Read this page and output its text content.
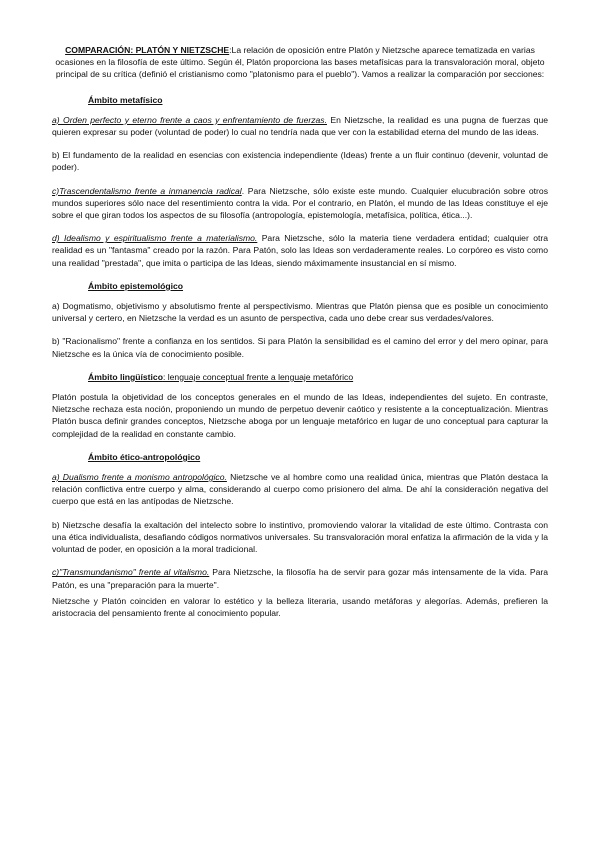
COMPARACIÓN: PLATÓN Y NIETZSCHE:La relación de oposición entre Platón y Nietzsche aparece tematizada en varias ocasiones en la filosofía de este último. Según él, Platón proporciona las bases metafísicas para la transvaloración moral, objeto principal de su crítica (definió el cristianismo como "platonismo para el pueblo"). Vamos a realizar la comparación por secciones:

Ámbito metafísico

a) Orden perfecto y eterno frente a caos y enfrentamiento de fuerzas. En Nietzsche, la realidad es una pugna de fuerzas que quieren expresar su poder (voluntad de poder) lo cual no tendría nada que ver con la estabilidad eterna del mundo de las ideas.

b) El fundamento de la realidad en esencias con existencia independiente (Ideas) frente a un fluir continuo (devenir, voluntad de poder).

c)Trascendentalismo frente a inmanencia radical. Para Nietzsche, sólo existe este mundo. Cualquier elucubración sobre otros mundos superiores sólo nace del resentimiento contra la vida. Por el contrario, en Platón, el mundo de las Ideas constituye el eje sobre el que giran todos los aspectos de su filosofía (antropología, epistemología, metafísica, política, ética...).

d) Idealismo y espiritualismo frente a materialismo. Para Nietzsche, sólo la materia tiene verdadera entidad; cualquier otra realidad es un "fantasma" creado por la razón. Para Patón, solo las Ideas son verdaderamente reales. Lo corpóreo es visto como una realidad "prestada", que imita o participa de las Ideas, siendo máximamente insustancial en sí mismo.

Ámbito epistemológico

a) Dogmatismo, objetivismo y absolutismo frente al perspectivismo. Mientras que Platón piensa que es posible un conocimiento universal y certero, en Nietzsche la verdad es un asunto de perspectiva, cada uno debe crear sus verdades/valores.

b) "Racionalismo" frente a confianza en los sentidos. Si para Platón la sensibilidad es el camino del error y del mero opinar, para Nietzsche es la única vía de conocimiento posible.

Ámbito lingüístico: lenguaje conceptual frente a lenguaje metafórico

Platón postula la objetividad de los conceptos generales en el mundo de las Ideas, independientes del sujeto. En contraste, Nietzsche rechaza esta noción, proponiendo un mundo de perpetuo devenir caótico y resistente a la conceptualización. Mientras Platón busca definir grandes conceptos, Nietzsche aboga por un lenguaje metafórico en lugar de uno conceptual para capturar la complejidad de la realidad en constante cambio.

Ámbito ético-antropológico

a) Dualismo frente a monismo antropológico. Nietzsche ve al hombre como una realidad única, mientras que Platón destaca la relación conflictiva entre cuerpo y alma, considerando al cuerpo como prisionero del alma. De ahí la consideración negativa del cuerpo que está en las antípodas de Nietzsche.

b) Nietzsche desafía la exaltación del intelecto sobre lo instintivo, promoviendo valorar la vitalidad de este último. Contrasta con una ética individualista, desafiando códigos normativos universales. Su transvaloración moral enfatiza la afirmación de la vida y la voluntad de poder, en oposición a la moral tradicional.

c)"Transmundanismo" frente al vitalismo. Para Nietzsche, la filosofía ha de servir para gozar más intensamente de la vida. Para Patón, es una "preparación para la muerte".

Nietzsche y Platón coinciden en valorar lo estético y la belleza literaria, usando metáforas y alegorías. Además, prefieren la aristocracia del pensamiento frente al conocimiento popular.
